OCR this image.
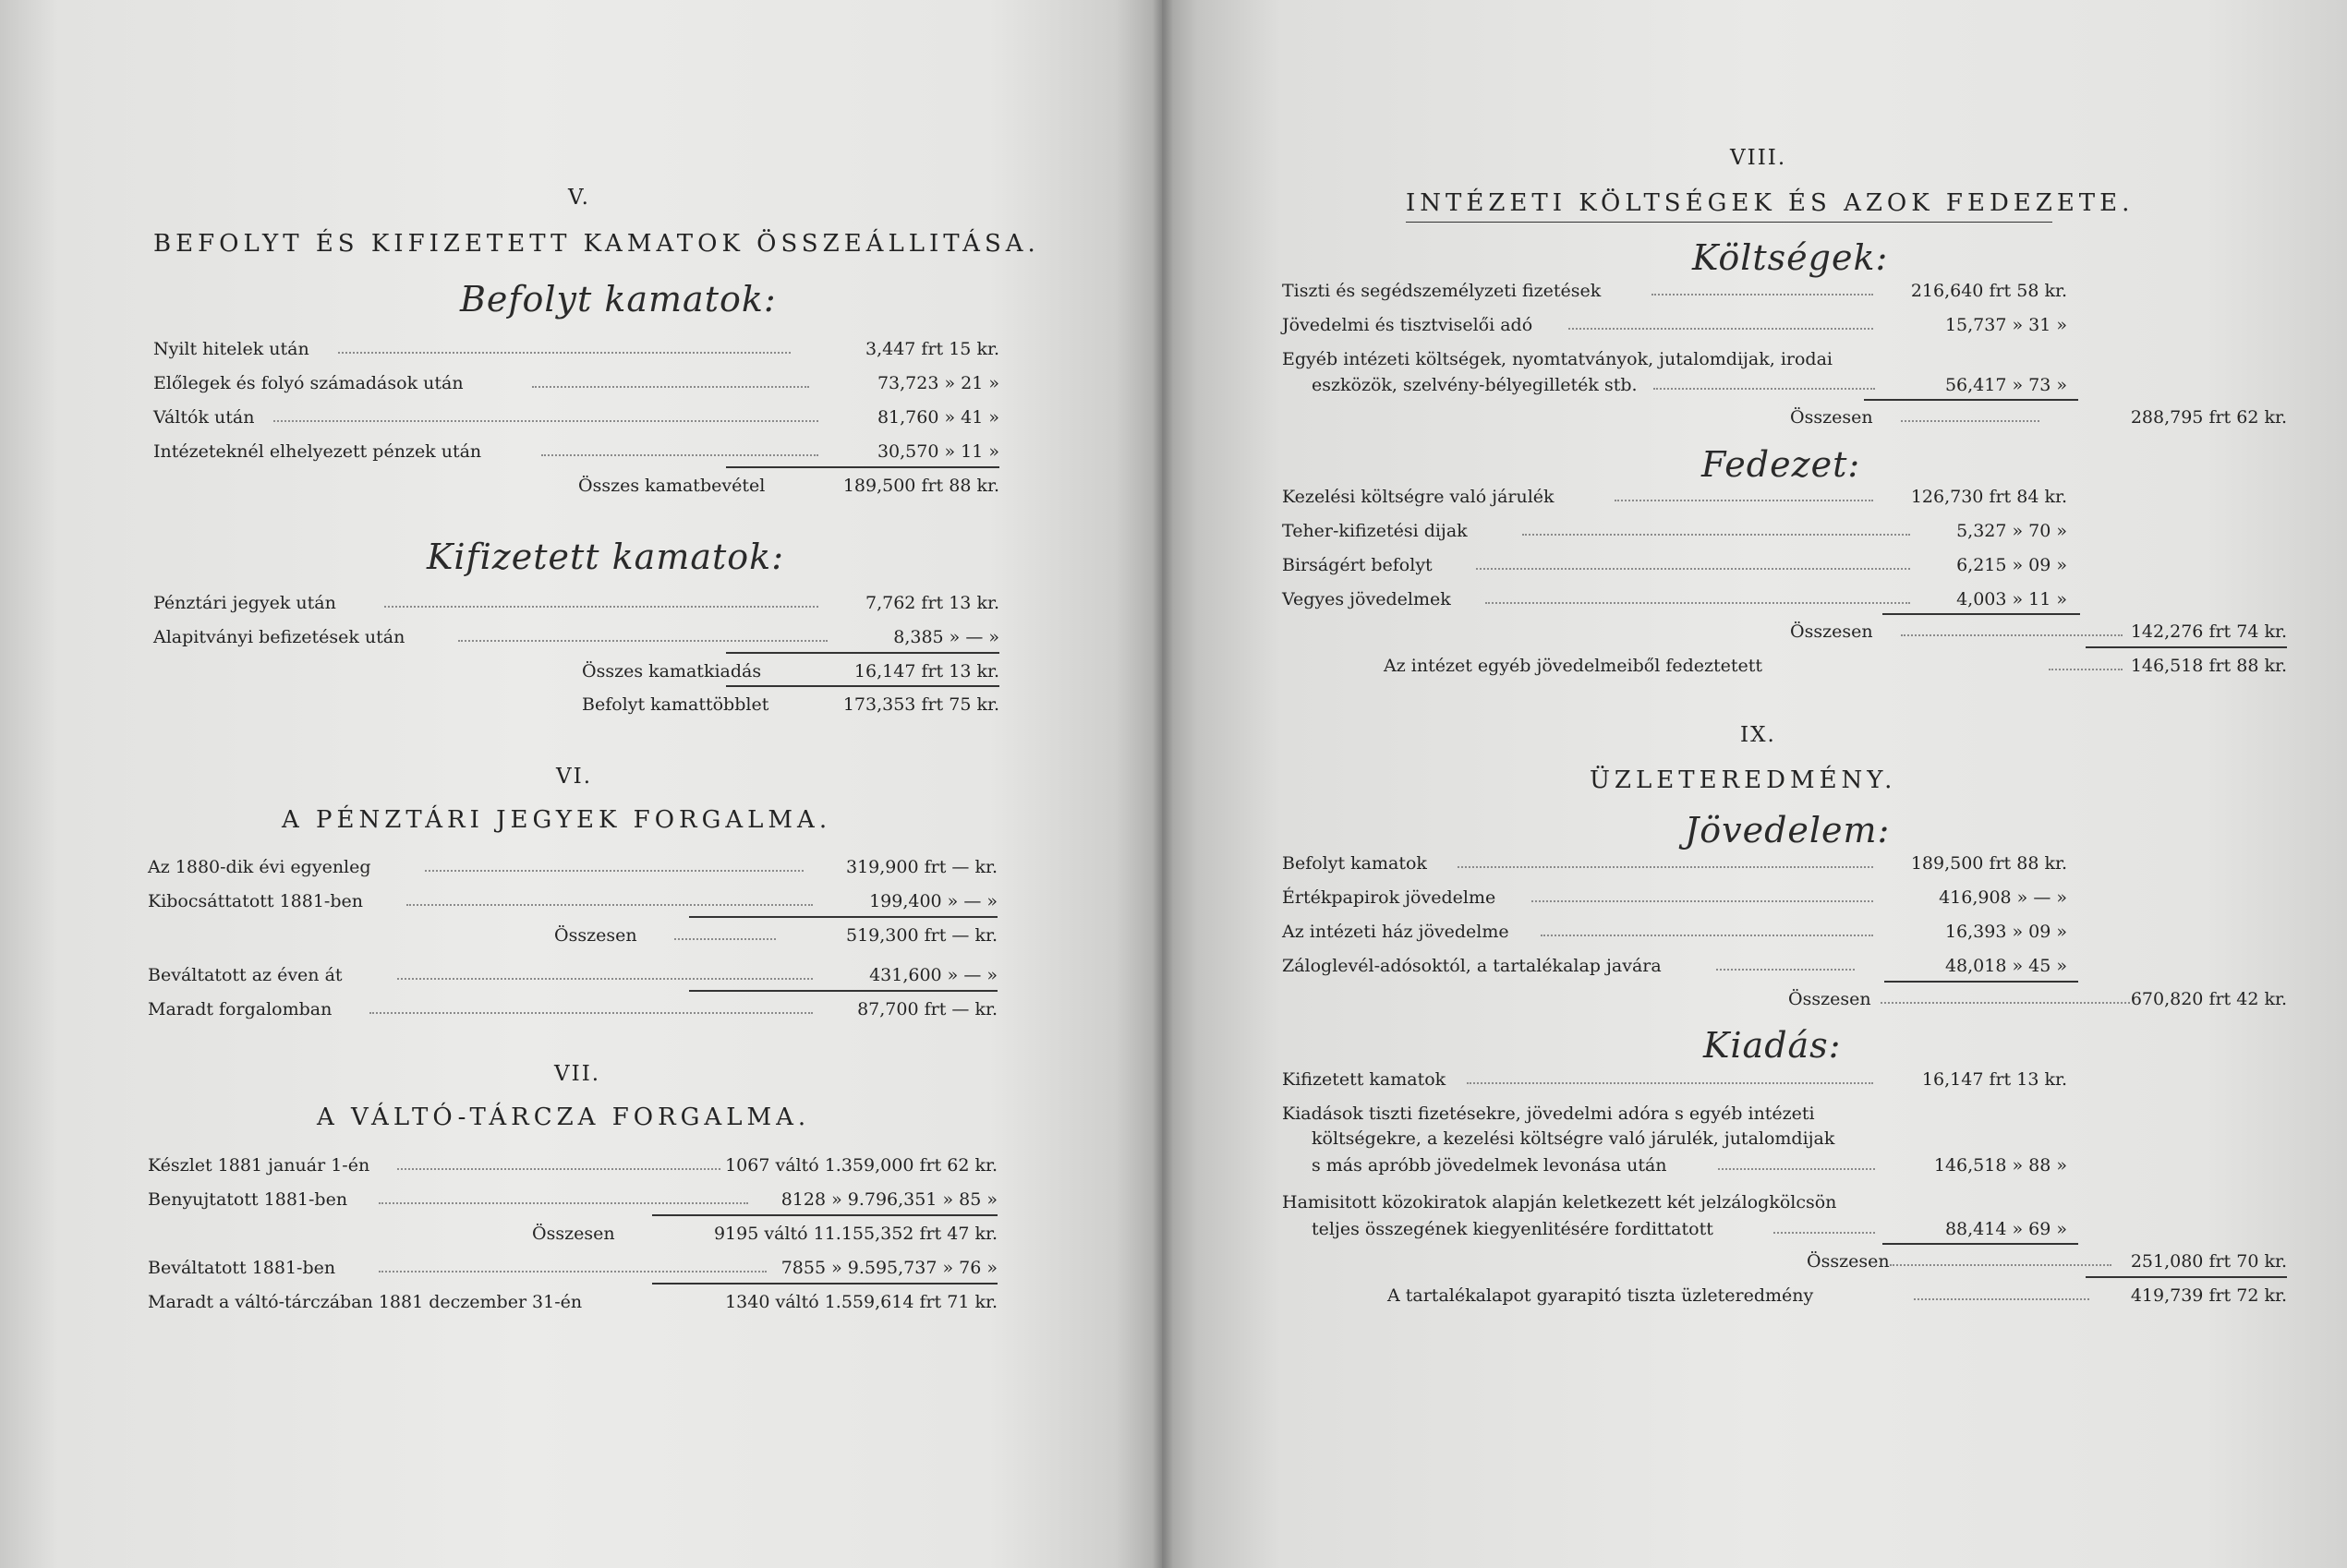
V.
BEFOLYT ÉS KIFIZETETT KAMATOK ÖSSZEÁLLITÁSA.
Befolyt kamatok:
Nyilt hitelek után	3,447 frt 15 kr.
Előlegek és folyó számadások után	73,723 » 21 »
Váltók után	81,760 » 41 »
Intézeteknél elhelyezett pénzek után	30,570 » 11 »
Összes kamatbevétel	189,500 frt 88 kr.
Kifizetett kamatok:
Pénztári jegyek után	7,762 frt 13 kr.
Alapitványi befizetések után	8,385 » — »
Összes kamatkiadás	16,147 frt 13 kr.
Befolyt kamattöbblet	173,353 frt 75 kr.
VI.
A PÉNZTÁRI JEGYEK FORGALMA.
Az 1880-dik évi egyenleg	319,900 frt — kr.
Kibocsáttatott 1881-ben	199,400 » — »
Összesen	519,300 frt — kr.
Beváltatott az éven át	431,600 » — »
Maradt forgalomban	87,700 frt — kr.
VII.
A VÁLTÓ-TÁRCZA FORGALMA.
Készlet 1881 január 1-én	1067 váltó 1.359,000 frt 62 kr.
Benyujtatott 1881-ben	8128 » 9.796,351 » 85 »
Összesen	9195 váltó 11.155,352 frt 47 kr.
Beváltatott 1881-ben	7855 » 9.595,737 » 76 »
Maradt a váltó-tárczában 1881 deczember 31-én	1340 váltó 1.559,614 frt 71 kr.
VIII.
INTÉZETI KÖLTSÉGEK ÉS AZOK FEDEZETE.
Költségek:
Tiszti és segédszemélyzeti fizetések	216,640 frt 58 kr.
Jövedelmi és tisztviselői adó	15,737 » 31 »
Egyéb intézeti költségek, nyomtatványok, jutalomdijak, irodai
eszközök, szelvény-bélyegilleték stb.	56,417 » 73 »
Összesen	288,795 frt 62 kr.
Fedezet:
Kezelési költségre való járulék	126,730 frt 84 kr.
Teher-kifizetési dijak	5,327 » 70 »
Birságért befolyt	6,215 » 09 »
Vegyes jövedelmek	4,003 » 11 »
Összesen	142,276 frt 74 kr.
Az intézet egyéb jövedelmeiből fedeztetett	146,518 frt 88 kr.
IX.
ÜZLETEREDMÉNY.
Jövedelem:
Befolyt kamatok	189,500 frt 88 kr.
Értékpapirok jövedelme	416,908 » — »
Az intézeti ház jövedelme	16,393 » 09 »
Záloglevél-adósoktól, a tartalékalap javára	48,018 » 45 »
Összesen	670,820 frt 42 kr.
Kiadás:
Kifizetett kamatok	16,147 frt 13 kr.
Kiadások tiszti fizetésekre, jövedelmi adóra s egyéb intézeti
költségekre, a kezelési költségre való járulék, jutalomdijak
s más apróbb jövedelmek levonása után	146,518 » 88 »
Hamisitott közokiratok alapján keletkezett két jelzálogkölcsön
teljes összegének kiegyenlitésére fordittatott	88,414 » 69 »
Összesen	251,080 frt 70 kr.
A tartalékalapot gyarapitó tiszta üzleteredmény	419,739 frt 72 kr.
